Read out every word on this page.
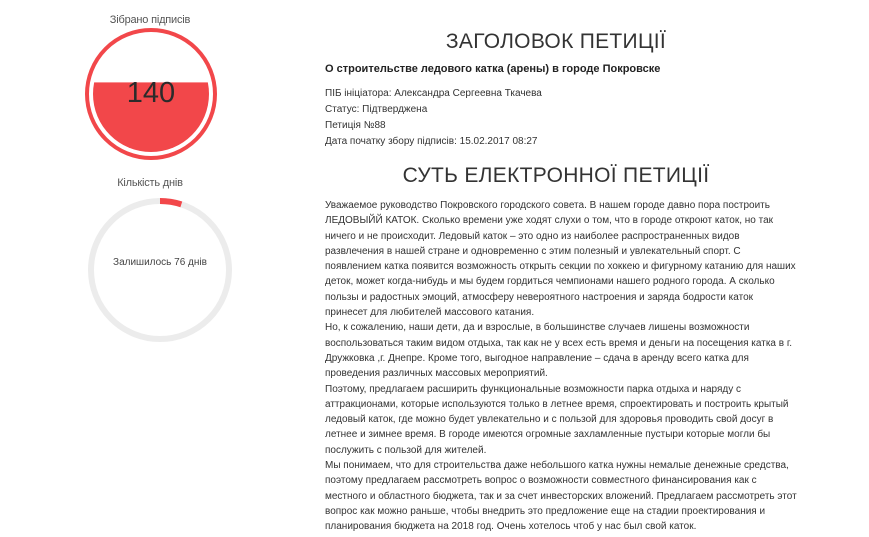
Зібрано підписів
140
Кількість днів
Залишилось 76 днів
ЗАГОЛОВОК ПЕТИЦІЇ
О строительстве ледового катка (арены) в городе Покровске
ПІБ ініціатора: Александра Сергеевна Ткачева
Статус: Підтверджена
Петиція №88
Дата початку збору підписів: 15.02.2017 08:27
СУТЬ ЕЛЕКТРОННОЇ ПЕТИЦІЇ

Уважаемое руководство Покровского городского совета. В нашем городе давно пора построить ЛЕДОВЫЙЙ КАТОК. Сколько времени уже ходят слухи о том, что в городе откроют каток, но так ничего и не происходит. Ледовый каток – это одно из наиболее распространенных видов развлечения в нашей стране и одновременно с этим полезный и увлекательный спорт. С появлением катка появится возможность открыть секции по хоккею и фигурному катанию для наших деток, может когда-нибудь и мы будем гордиться чемпионами нашего родного города. А сколько пользы и радостных эмоций, атмосферу невероятного настроения и заряда бодрости каток принесет для любителей массового катания.

Но, к сожалению, наши дети, да и взрослые, в большинстве случаев лишены возможности воспользоваться таким видом отдыха, так как не у всех есть время и деньги на посещения катка в г. Дружковка ,г. Днепре. Кроме того, выгодное направление – сдача в аренду всего катка для проведения различных массовых мероприятий.

Поэтому, предлагаем расширить функциональные возможности парка отдыха и наряду с аттракционами, которые используются только в летнее время, спроектировать и построить крытый ледовый каток, где можно будет увлекательно и с пользой для здоровья проводить свой досуг в летнее и зимнее время. В городе имеются огромные захламленные пустыри которые могли бы послужить с пользой для жителей.

Мы понимаем, что для строительства даже небольшого катка нужны немалые денежные средства, поэтому предлагаем рассмотреть вопрос о возможности совместного финансирования как с местного и областного бюджета, так и за счет инвесторских вложений. Предлагаем рассмотреть этот вопрос как можно раньше, чтобы внедрить это предложение еще на стадии проектирования и планирования бюджета на 2018 год. Очень хотелось чтоб у нас был свой каток.
